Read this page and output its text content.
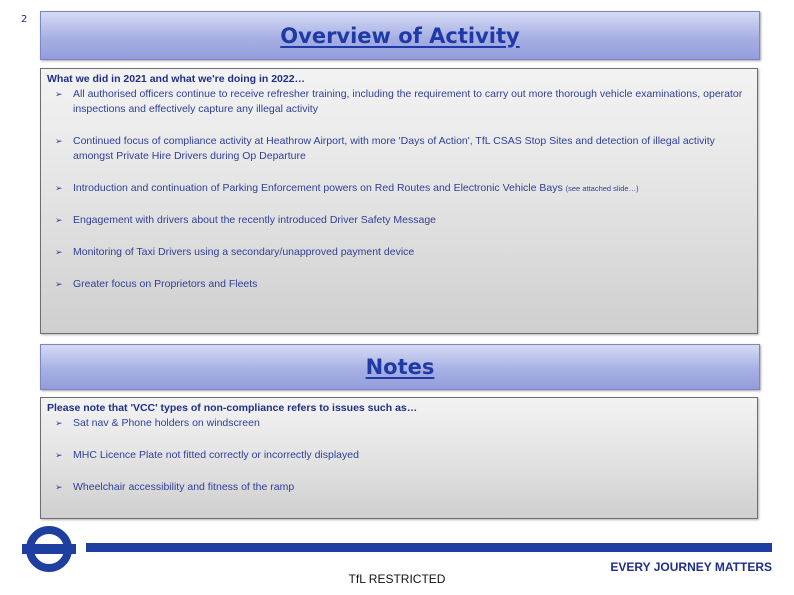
2
Overview of Activity
What we did in 2021 and what we're doing in 2022…
➢ All authorised officers continue to receive refresher training, including the requirement to carry out more thorough vehicle examinations, operator inspections and effectively capture any illegal activity
➢ Continued focus of compliance activity at Heathrow Airport, with more 'Days of Action', TfL CSAS Stop Sites and detection of illegal activity amongst Private Hire Drivers during Op Departure
➢ Introduction and continuation of Parking Enforcement powers on Red Routes and Electronic Vehicle Bays (see attached slide…)
➢ Engagement with drivers about the recently introduced Driver Safety Message
➢ Monitoring of Taxi Drivers using a secondary/unapproved payment device
➢ Greater focus on Proprietors and Fleets
Notes
Please note that 'VCC' types of non-compliance refers to issues such as…
➢ Sat nav & Phone holders on windscreen
➢ MHC Licence Plate not fitted correctly or incorrectly displayed
➢ Wheelchair accessibility and fitness of the ramp
EVERY JOURNEY MATTERS
TfL RESTRICTED
